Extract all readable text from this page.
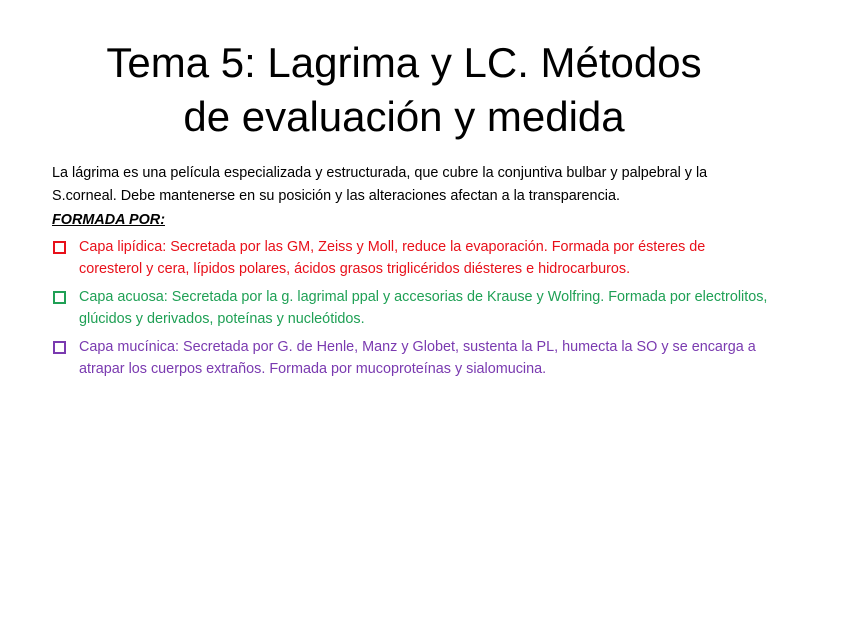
Tema 5: Lagrima y LC. Métodos
de evaluación y medida

La lágrima es una película especializada y estructurada, que cubre la conjuntiva bulbar y palpebral y la S.corneal. Debe mantenerse en su posición y las alteraciones afectan a la transparencia.

FORMADA POR:

Capa lipídica: Secretada por las GM, Zeiss y Moll, reduce la evaporación. Formada por ésteres de coresterol y cera, lípidos polares, ácidos grasos triglicéridos diésteres e hidrocarburos.
Capa acuosa: Secretada por la g. lagrimal ppal y accesorias de Krause y Wolfring. Formada por electrolitos, glúcidos y derivados, poteínas y nucleótidos.
Capa mucínica: Secretada por G. de Henle, Manz y Globet, sustenta la PL, humecta la SO y se encarga a atrapar los cuerpos extraños. Formada por mucoproteínas y sialomucina.
